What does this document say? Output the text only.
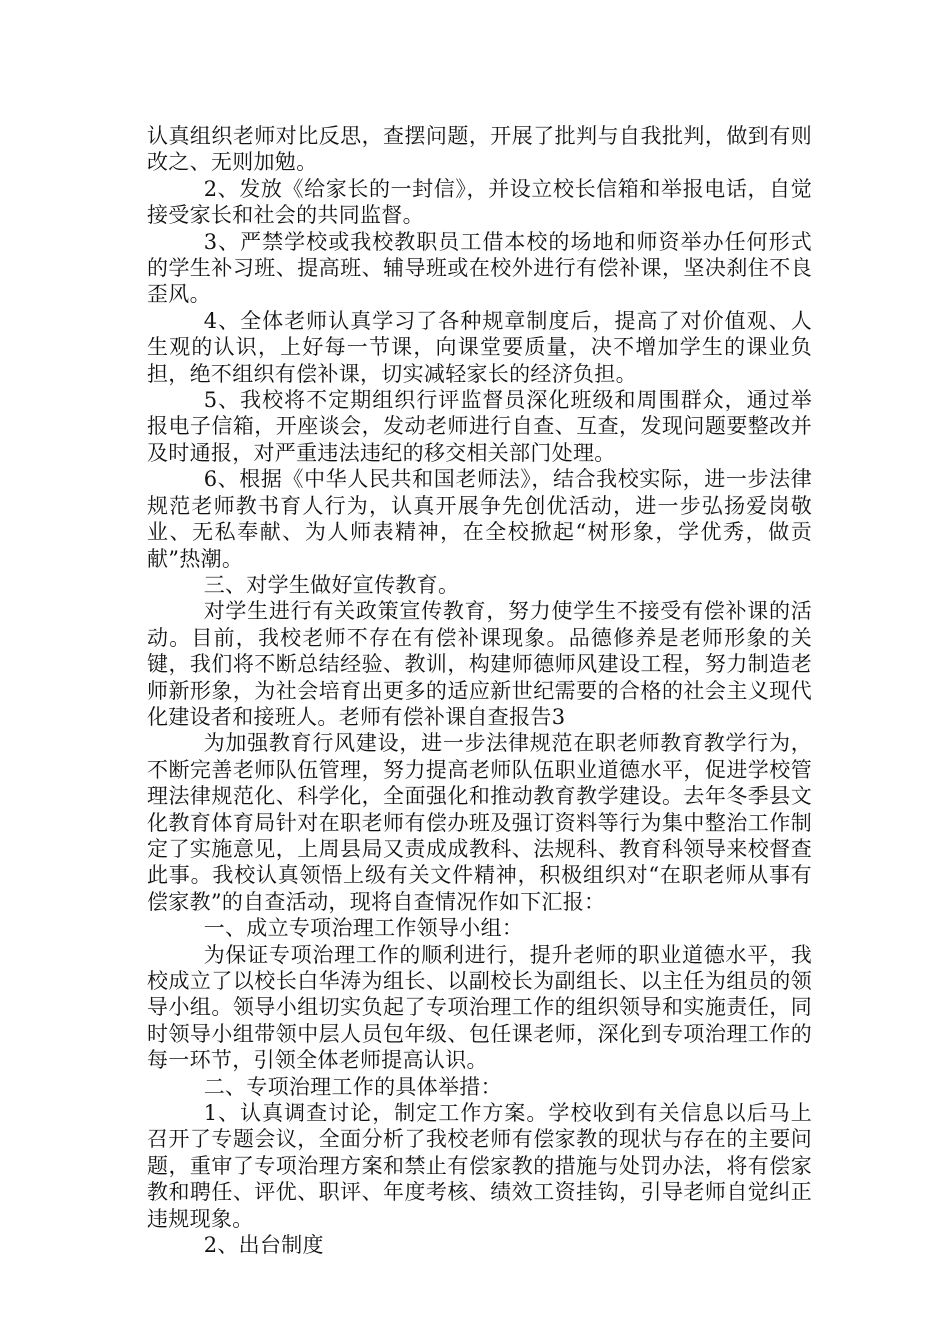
认真组织老师对比反思，查摆问题，开展了批判与自我批判，做到有则改之、无则加勉。

2、发放《给家长的一封信》，并设立校长信箱和举报电话，自觉接受家长和社会的共同监督。

3、严禁学校或我校教职员工借本校的场地和师资举办任何形式的学生补习班、提高班、辅导班或在校外进行有偿补课，坚决刹住不良歪风。

4、全体老师认真学习了各种规章制度后，提高了对价值观、人生观的认识，上好每一节课，向课堂要质量，决不增加学生的课业负担，绝不组织有偿补课，切实减轻家长的经济负担。

5、我校将不定期组织行评监督员深化班级和周围群众，通过举报电子信箱，开座谈会，发动老师进行自查、互查，发现问题要整改并及时通报，对严重违法违纪的移交相关部门处理。

6、根据《中华人民共和国老师法》，结合我校实际，进一步法律规范老师教书育人行为，认真开展争先创优活动，进一步弘扬爱岗敬业、无私奉献、为人师表精神，在全校掀起“树形象，学优秀，做贡献”热潮。

三、对学生做好宣传教育。

对学生进行有关政策宣传教育，努力使学生不接受有偿补课的活动。目前，我校老师不存在有偿补课现象。品德修养是老师形象的关键，我们将不断总结经验、教训，构建师德师风建设工程，努力制造老师新形象，为社会培育出更多的适应新世纪需要的合格的社会主义现代化建设者和接班人。老师有偿补课自查报告3

为加强教育行风建设，进一步法律规范在职老师教育教学行为，不断完善老师队伍管理，努力提高老师队伍职业道德水平，促进学校管理法律规范化、科学化，全面强化和推动教育教学建设。去年冬季县文化教育体育局针对在职老师有偿办班及强订资料等行为集中整治工作制定了实施意见，上周县局又责成成教科、法规科、教育科领导来校督查此事。我校认真领悟上级有关文件精神，积极组织对“在职老师从事有偿家教”的自查活动，现将自查情况作如下汇报：

一、成立专项治理工作领导小组：

为保证专项治理工作的顺利进行，提升老师的职业道德水平，我校成立了以校长白华涛为组长、以副校长为副组长、以主任为组员的领导小组。领导小组切实负起了专项治理工作的组织领导和实施责任，同时领导小组带领中层人员包年级、包任课老师，深化到专项治理工作的每一环节，引领全体老师提高认识。

二、专项治理工作的具体举措：

1、认真调查讨论，制定工作方案。学校收到有关信息以后马上召开了专题会议，全面分析了我校老师有偿家教的现状与存在的主要问题，重审了专项治理方案和禁止有偿家教的措施与处罚办法，将有偿家教和聘任、评优、职评、年度考核、绩效工资挂钩，引导老师自觉纠正违规现象。

2、出台制度
